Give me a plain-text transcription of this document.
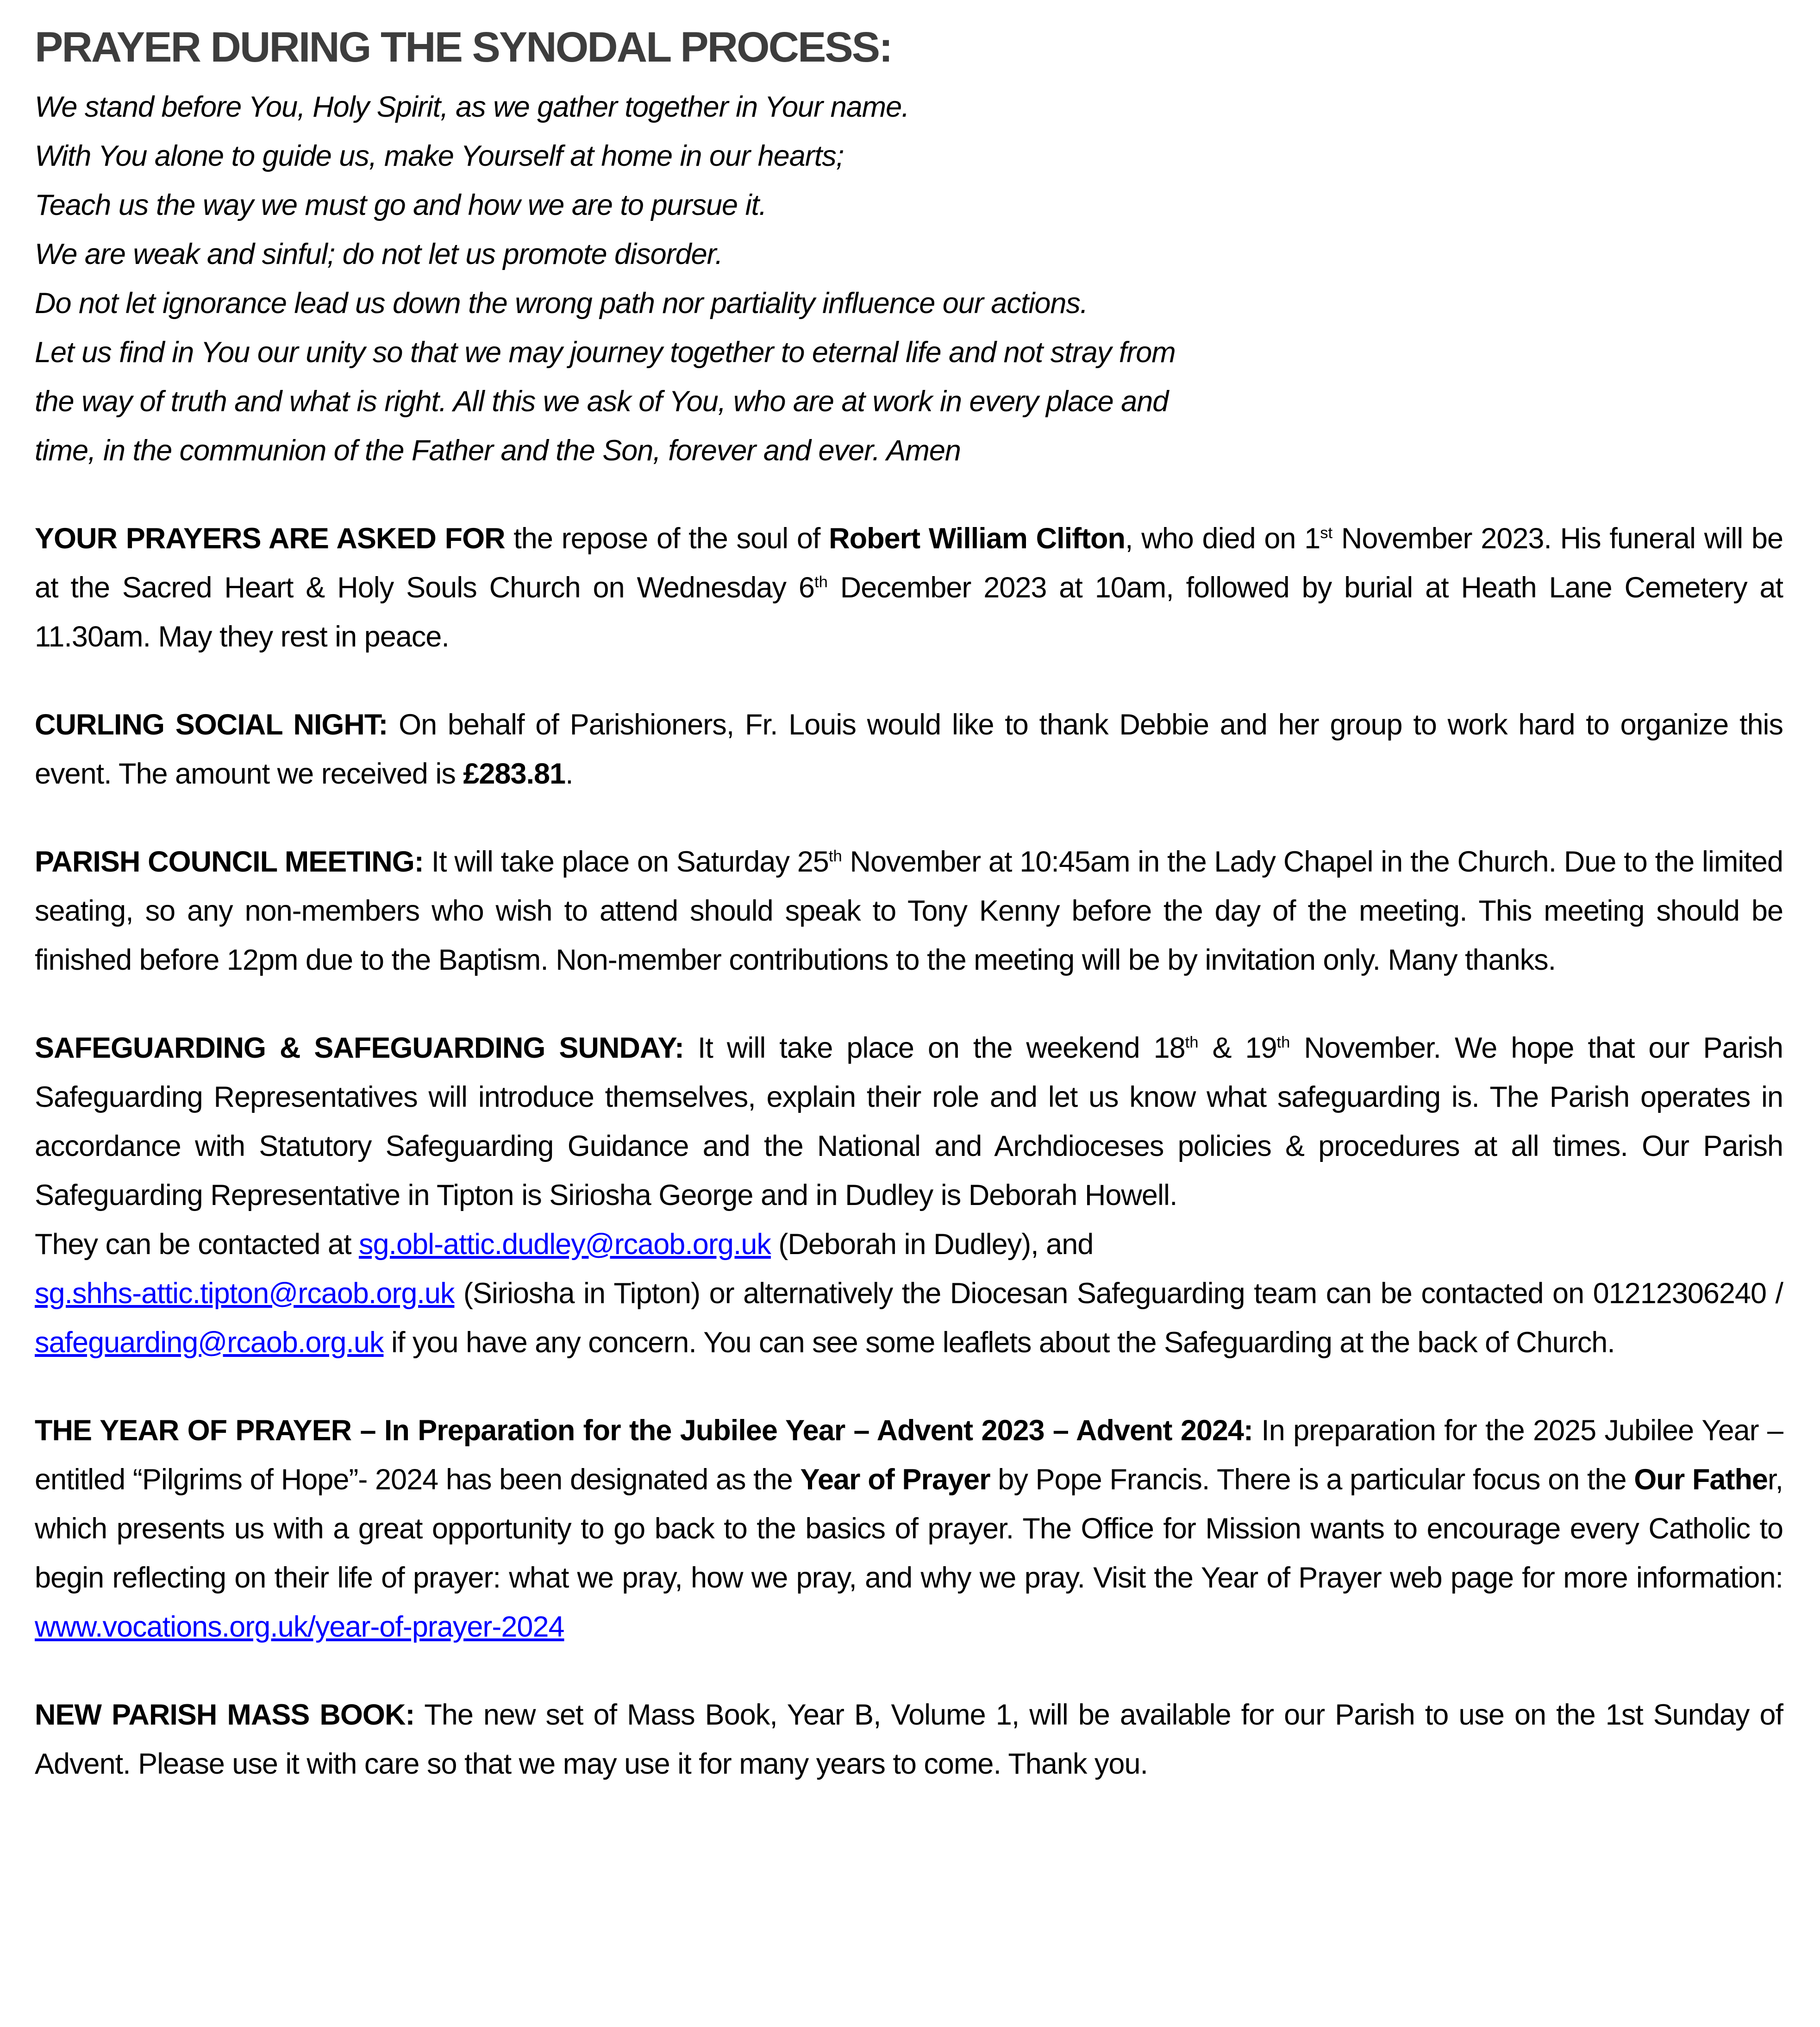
PRAYER DURING THE SYNODAL PROCESS:
We stand before You, Holy Spirit, as we gather together in Your name.
With You alone to guide us, make Yourself at home in our hearts;
Teach us the way we must go and how we are to pursue it.
We are weak and sinful; do not let us promote disorder.
Do not let ignorance lead us down the wrong path nor partiality influence our actions.
Let us find in You our unity so that we may journey together to eternal life and not stray from
the way of truth and what is right. All this we ask of You, who are at work in every place and
time, in the communion of the Father and the Son, forever and ever. Amen

YOUR PRAYERS ARE ASKED FOR the repose of the soul of Robert William Clifton, who died on 1st November 2023. His funeral will be at the Sacred Heart & Holy Souls Church on Wednesday 6th December 2023 at 10am, followed by burial at Heath Lane Cemetery at 11.30am. May they rest in peace.

CURLING SOCIAL NIGHT: On behalf of Parishioners, Fr. Louis would like to thank Debbie and her group to work hard to organize this event. The amount we received is £283.81.

PARISH COUNCIL MEETING: It will take place on Saturday 25th November at 10:45am in the Lady Chapel in the Church. Due to the limited seating, so any non-members who wish to attend should speak to Tony Kenny before the day of the meeting. This meeting should be finished before 12pm due to the Baptism. Non-member contributions to the meeting will be by invitation only. Many thanks.

SAFEGUARDING & SAFEGUARDING SUNDAY: It will take place on the weekend 18th & 19th November. We hope that our Parish Safeguarding Representatives will introduce themselves, explain their role and let us know what safeguarding is. The Parish operates in accordance with Statutory Safeguarding Guidance and the National and Archdioceses policies & procedures at all times. Our Parish Safeguarding Representative in Tipton is Siriosha George and in Dudley is Deborah Howell.
They can be contacted at sg.obl-attic.dudley@rcaob.org.uk (Deborah in Dudley), and
sg.shhs-attic.tipton@rcaob.org.uk (Siriosha in Tipton) or alternatively the Diocesan Safeguarding team can be contacted on 01212306240 / safeguarding@rcaob.org.uk if you have any concern. You can see some leaflets about the Safeguarding at the back of Church.

THE YEAR OF PRAYER – In Preparation for the Jubilee Year – Advent 2023 – Advent 2024: In preparation for the 2025 Jubilee Year – entitled “Pilgrims of Hope”- 2024 has been designated as the Year of Prayer by Pope Francis. There is a particular focus on the Our Father, which presents us with a great opportunity to go back to the basics of prayer. The Office for Mission wants to encourage every Catholic to begin reflecting on their life of prayer: what we pray, how we pray, and why we pray. Visit the Year of Prayer web page for more information: www.vocations.org.uk/year-of-prayer-2024

NEW PARISH MASS BOOK: The new set of Mass Book, Year B, Volume 1, will be available for our Parish to use on the 1st Sunday of Advent. Please use it with care so that we may use it for many years to come. Thank you.
